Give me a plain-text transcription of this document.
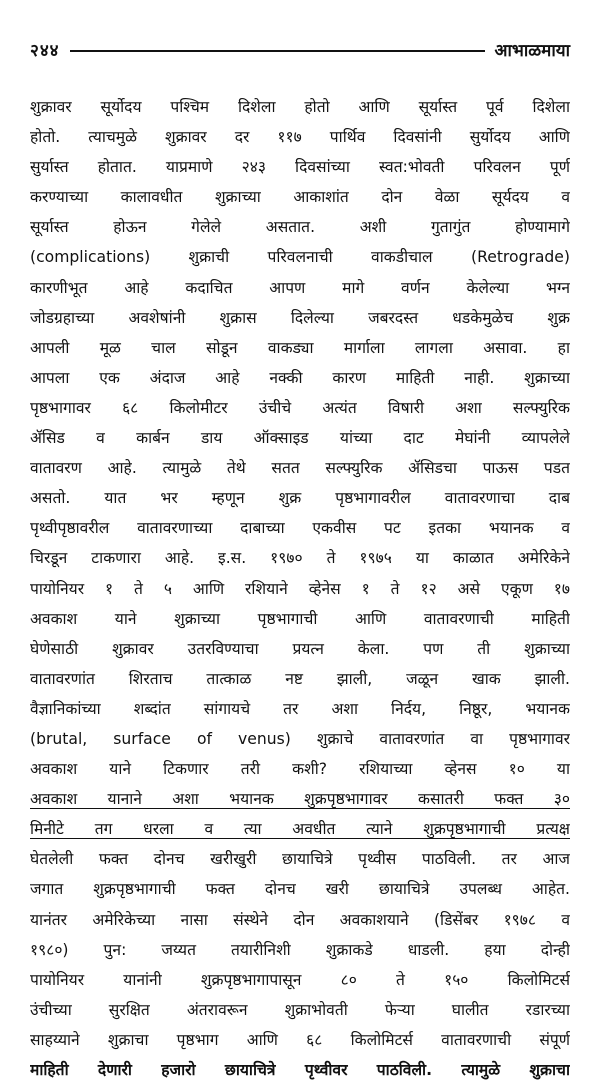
२४४	आभाळमाया
शुक्रावर सूर्योदय पश्चिम दिशेला होतो आणि सूर्यास्त पूर्व दिशेला
होतो. त्याचमुळे शुक्रावर दर ११७ पार्थिव दिवसांनी सुर्योदय आणि
सुर्यास्त होतात. याप्रमाणे २४३ दिवसांच्या स्वत:भोवती परिवलन पूर्ण
करण्याच्या कालावधीत शुक्राच्या आकाशांत दोन वेळा सूर्यदय व
सूर्यास्त होऊन गेलेले असतात. अशी गुतागुंत होण्यामागे
(complications) शुक्राची परिवलनाची वाकडीचाल (Retrograde)
कारणीभूत आहे कदाचित आपण मागे वर्णन केलेल्या भग्न
जोडग्रहाच्या अवशेषांनी शुक्रास दिलेल्या जबरदस्त धडकेमुळेच शुक्र
आपली मूळ चाल सोडून वाकड्या मार्गाला लागला असावा. हा
आपला एक अंदाज आहे नक्की कारण माहिती नाही. शुक्राच्या
पृष्ठभागावर ६८ किलोमीटर उंचीचे अत्यंत विषारी अशा सल्फ्युरिक
ॲसिड व कार्बन डाय ऑक्साइड यांच्या दाट मेघांनी व्यापलेले
वातावरण आहे. त्यामुळे तेथे सतत सल्फ्युरिक ॲसिडचा पाऊस पडत
असतो. यात भर म्हणून शुक्र पृष्ठभागावरील वातावरणाचा दाब
पृथ्वीपृष्ठावरील वातावरणाच्या दाबाच्या एकवीस पट इतका भयानक व
चिरडून टाकणारा आहे. इ.स. १९७० ते १९७५ या काळात अमेरिकेने
पायोनियर १ ते ५ आणि रशियाने व्हेनेस १ ते १२ असे एकूण १७
अवकाश याने शुक्राच्या पृष्ठभागाची आणि वातावरणाची माहिती
घेणेसाठी शुक्रावर उतरविण्याचा प्रयत्न केला. पण ती शुक्राच्या
वातावरणांत शिरताच तात्काळ नष्ट झाली, जळून खाक झाली.
वैज्ञानिकांच्या शब्दांत सांगायचे तर अशा निर्दय, निष्ठूर, भयानक
(brutal, surface of venus) शुक्राचे वातावरणांत वा पृष्ठभागावर
अवकाश याने टिकणार तरी कशी? रशियाच्या व्हेनस १० या
अवकाश यानाने अशा भयानक शुक्रपृष्ठभागावर कसातरी फक्त ३०
मिनीटे तग धरला व त्या अवधीत त्याने शुक्रपृष्ठभागाची प्रत्यक्ष
घेतलेली फक्त दोनच खरीखुरी छायाचित्रे पृथ्वीस पाठविली. तर आज
जगात शुक्रपृष्ठभागाची फक्त दोनच खरी छायाचित्रे उपलब्ध आहेत.
यानंतर अमेरिकेच्या नासा संस्थेने दोन अवकाशयाने (डिसेंबर १९७८ व
१९८०) पुन: जय्यत तयारीनिशी शुक्राकडे धाडली. हया दोन्ही
पायोनियर यानांनी शुक्रपृष्ठभागापासून ८० ते १५० किलोमिटर्स
उंचीच्या सुरक्षित अंतरावरून शुक्राभोवती फेऱ्या घालीत रडारच्या
साहय्याने शुक्राचा पृष्ठभाग आणि ६८ किलोमिटर्स वातावरणाची संपूर्ण
माहिती देणारी हजारो छायाचित्रे पृथ्वीवर पाठविली. त्यामुळे शुक्राचा
